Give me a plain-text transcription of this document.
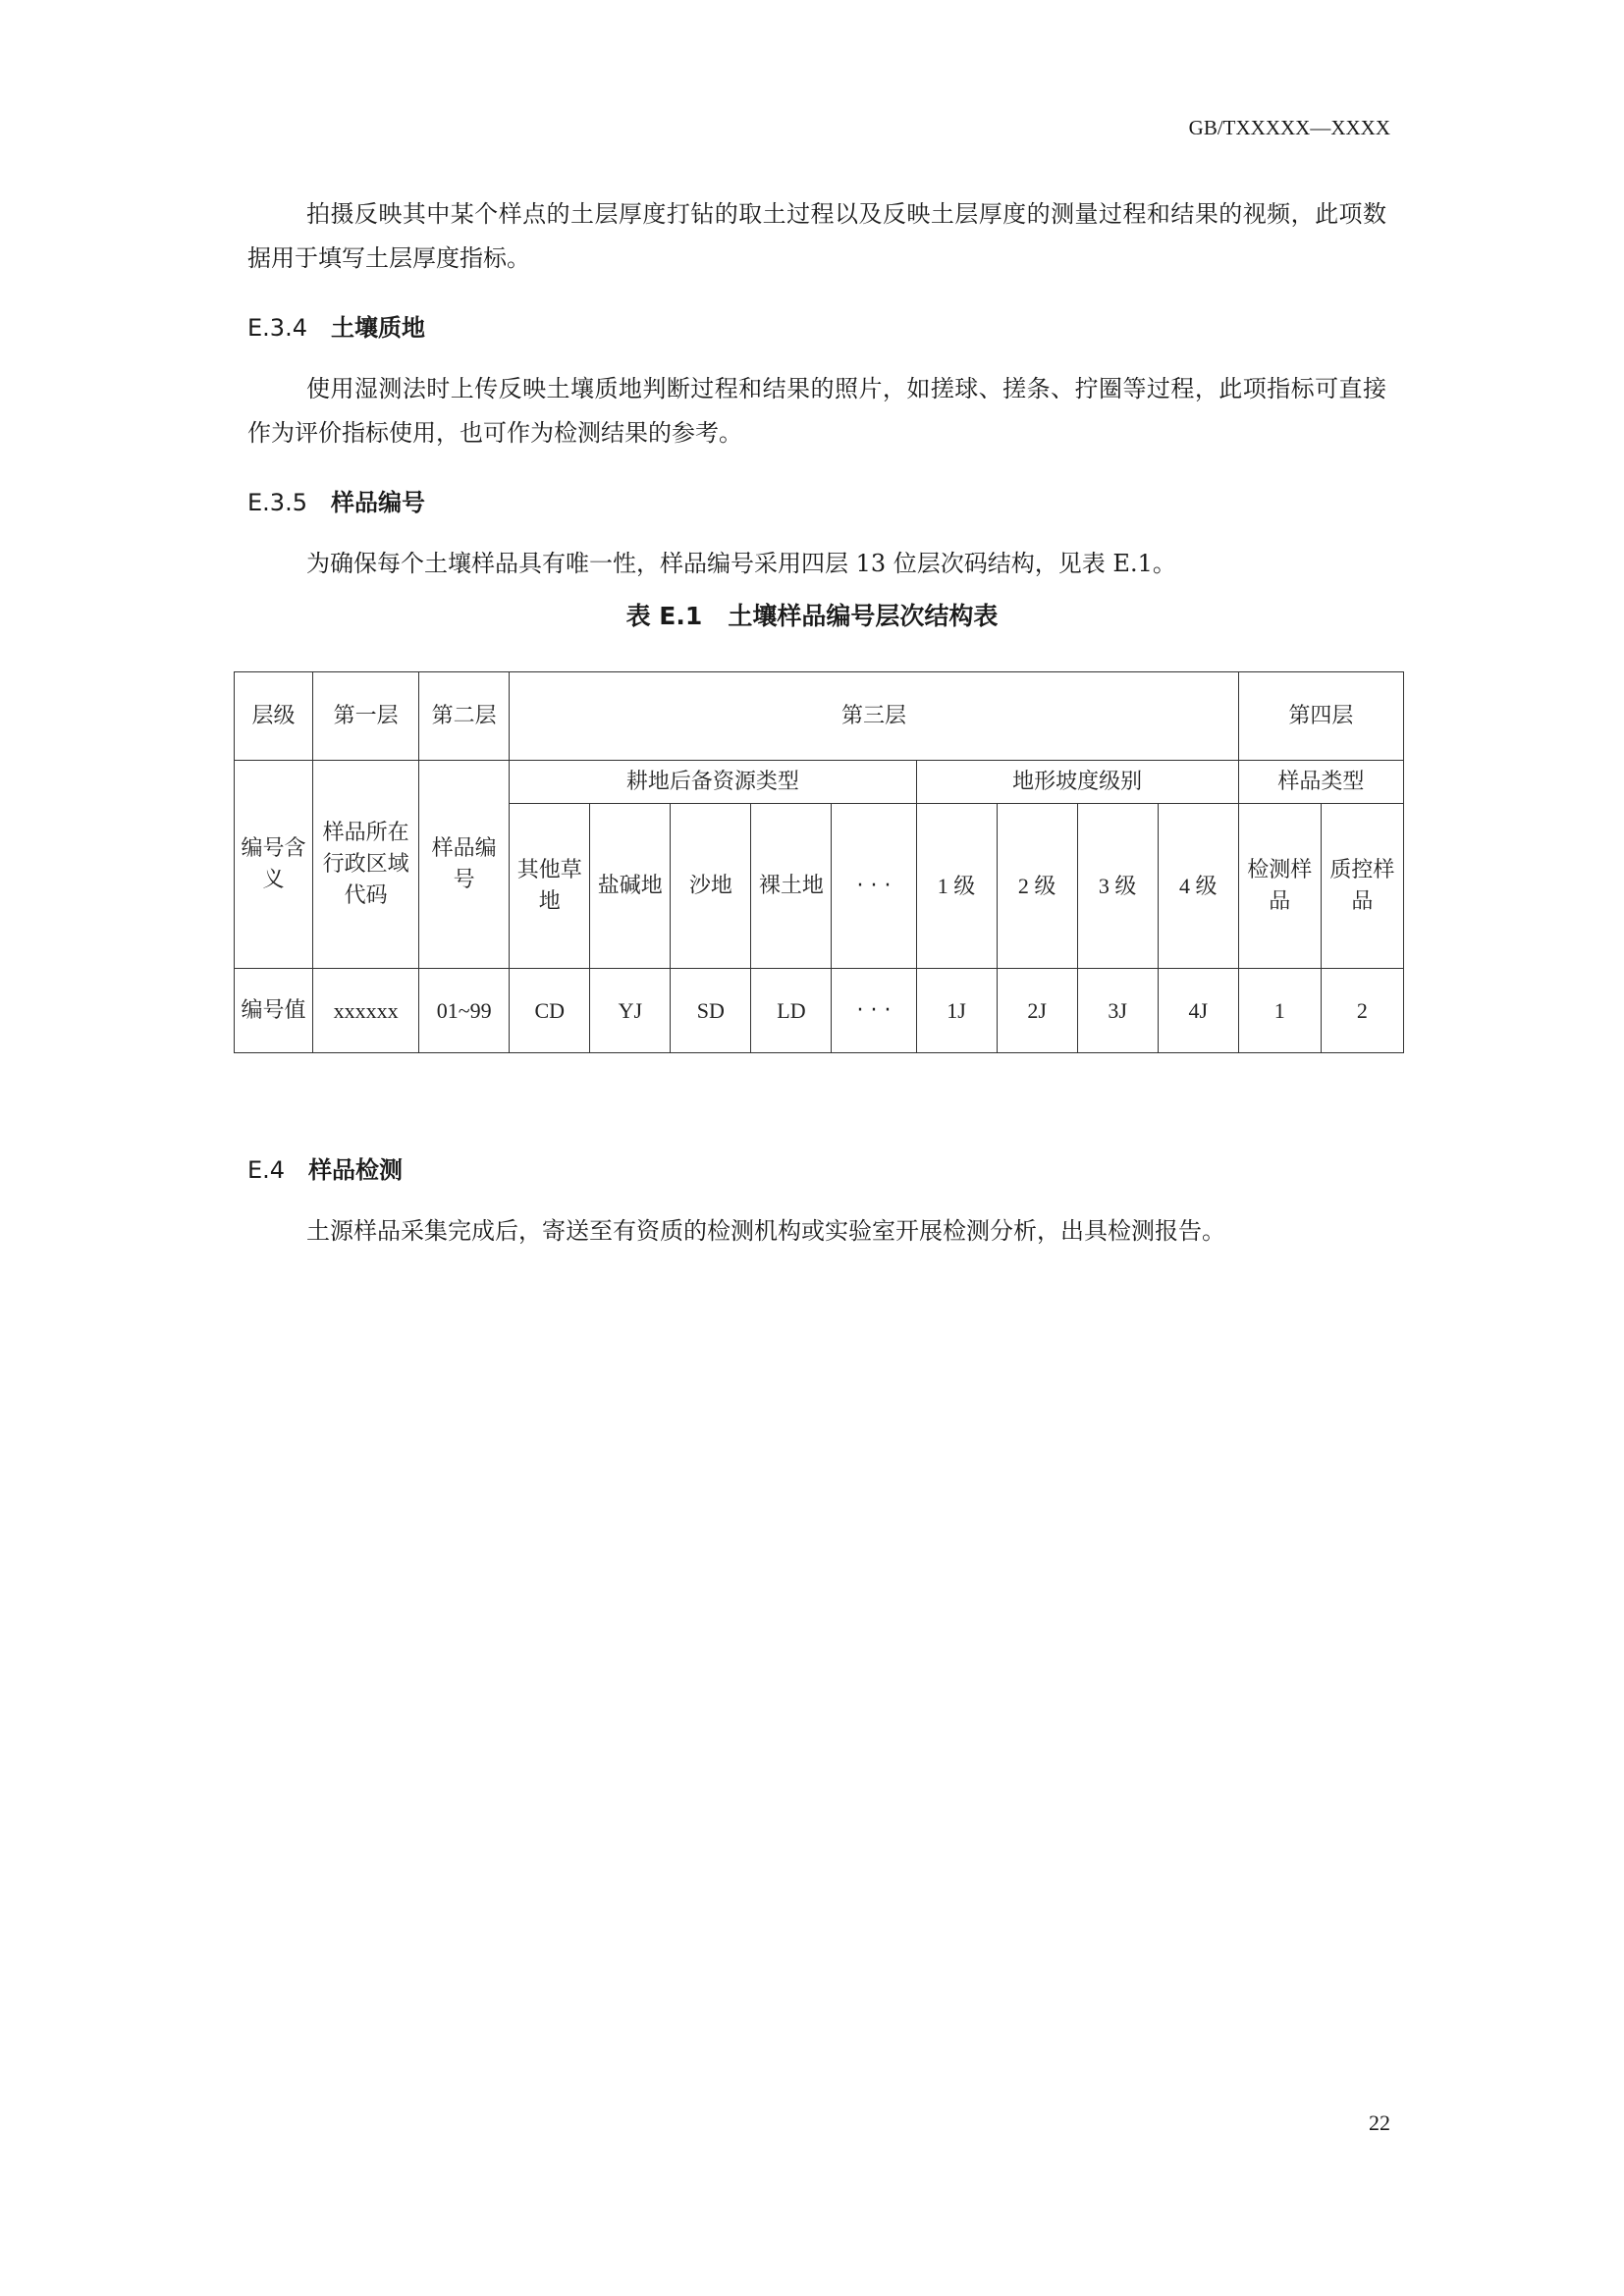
GB/TXXXXX—XXXX

拍摄反映其中某个样点的土层厚度打钻的取土过程以及反映土层厚度的测量过程和结果的视频，此项数据用于填写土层厚度指标。

E.3.4 土壤质地

使用湿测法时上传反映土壤质地判断过程和结果的照片，如搓球、搓条、拧圈等过程，此项指标可直接作为评价指标使用，也可作为检测结果的参考。

E.3.5 样品编号

为确保每个土壤样品具有唯一性，样品编号采用四层 13 位层次码结构，见表 E.1。

表 E.1 土壤样品编号层次结构表
层级	第一层	第二层	第三层									第四层	
编号含义	样品所在行政区域代码	样品编号	耕地后备资源类型					地形坡度级别				样品类型	
			其他草地	盐碱地	沙地	裸土地	· · ·	1 级	2 级	3 级	4 级	检测样品	质控样品
编号值	xxxxxx	01~99	CD	YJ	SD	LD	· · ·	1J	2J	3J	4J	1	2
E.4 样品检测

土源样品采集完成后，寄送至有资质的检测机构或实验室开展检测分析，出具检测报告。

22
